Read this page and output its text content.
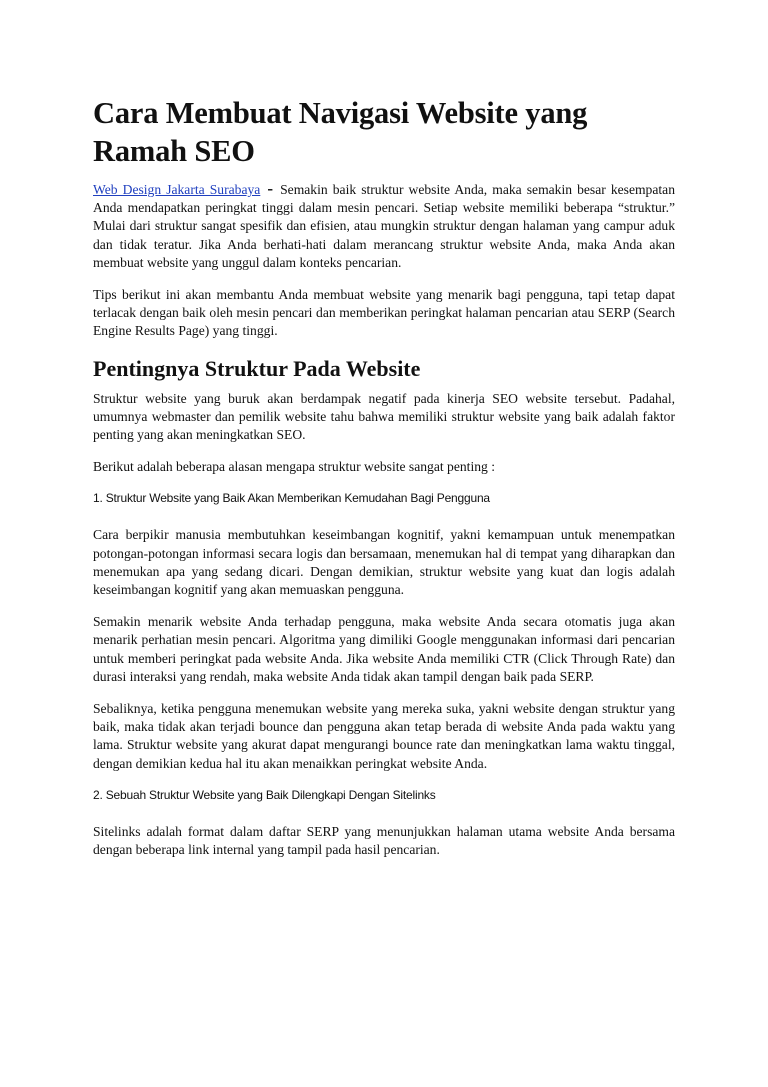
Cara Membuat Navigasi Website yang Ramah SEO

Web Design Jakarta Surabaya - Semakin baik struktur website Anda, maka semakin besar kesempatan Anda mendapatkan peringkat tinggi dalam mesin pencari. Setiap website memiliki beberapa “struktur.” Mulai dari struktur sangat spesifik dan efisien, atau mungkin struktur dengan halaman yang campur aduk dan tidak teratur. Jika Anda berhati-hati dalam merancang struktur website Anda, maka Anda akan membuat website yang unggul dalam konteks pencarian.

Tips berikut ini akan membantu Anda membuat website yang menarik bagi pengguna, tapi tetap dapat terlacak dengan baik oleh mesin pencari dan memberikan peringkat halaman pencarian atau SERP (Search Engine Results Page) yang tinggi.

Pentingnya Struktur Pada Website

Struktur website yang buruk akan berdampak negatif pada kinerja SEO website tersebut. Padahal, umumnya webmaster dan pemilik website tahu bahwa memiliki struktur website yang baik adalah faktor penting yang akan meningkatkan SEO.

Berikut adalah beberapa alasan mengapa struktur website sangat penting :

1. Struktur Website yang Baik Akan Memberikan Kemudahan Bagi Pengguna

Cara berpikir manusia membutuhkan keseimbangan kognitif, yakni kemampuan untuk menempatkan potongan-potongan informasi secara logis dan bersamaan, menemukan hal di tempat yang diharapkan dan menemukan apa yang sedang dicari. Dengan demikian, struktur website yang kuat dan logis adalah keseimbangan kognitif yang akan memuaskan pengguna.

Semakin menarik website Anda terhadap pengguna, maka website Anda secara otomatis juga akan menarik perhatian mesin pencari. Algoritma yang dimiliki Google menggunakan informasi dari pencarian untuk memberi peringkat pada website Anda. Jika website Anda memiliki CTR (Click Through Rate) dan durasi interaksi yang rendah, maka website Anda tidak akan tampil dengan baik pada SERP.

Sebaliknya, ketika pengguna menemukan website yang mereka suka, yakni website dengan struktur yang baik, maka tidak akan terjadi bounce dan pengguna akan tetap berada di website Anda pada waktu yang lama. Struktur website yang akurat dapat mengurangi bounce rate dan meningkatkan lama waktu tinggal, dengan demikian kedua hal itu akan menaikkan peringkat website Anda.

2. Sebuah Struktur Website yang Baik Dilengkapi Dengan Sitelinks

Sitelinks adalah format dalam daftar SERP yang menunjukkan halaman utama website Anda bersama dengan beberapa link internal yang tampil pada hasil pencarian.
